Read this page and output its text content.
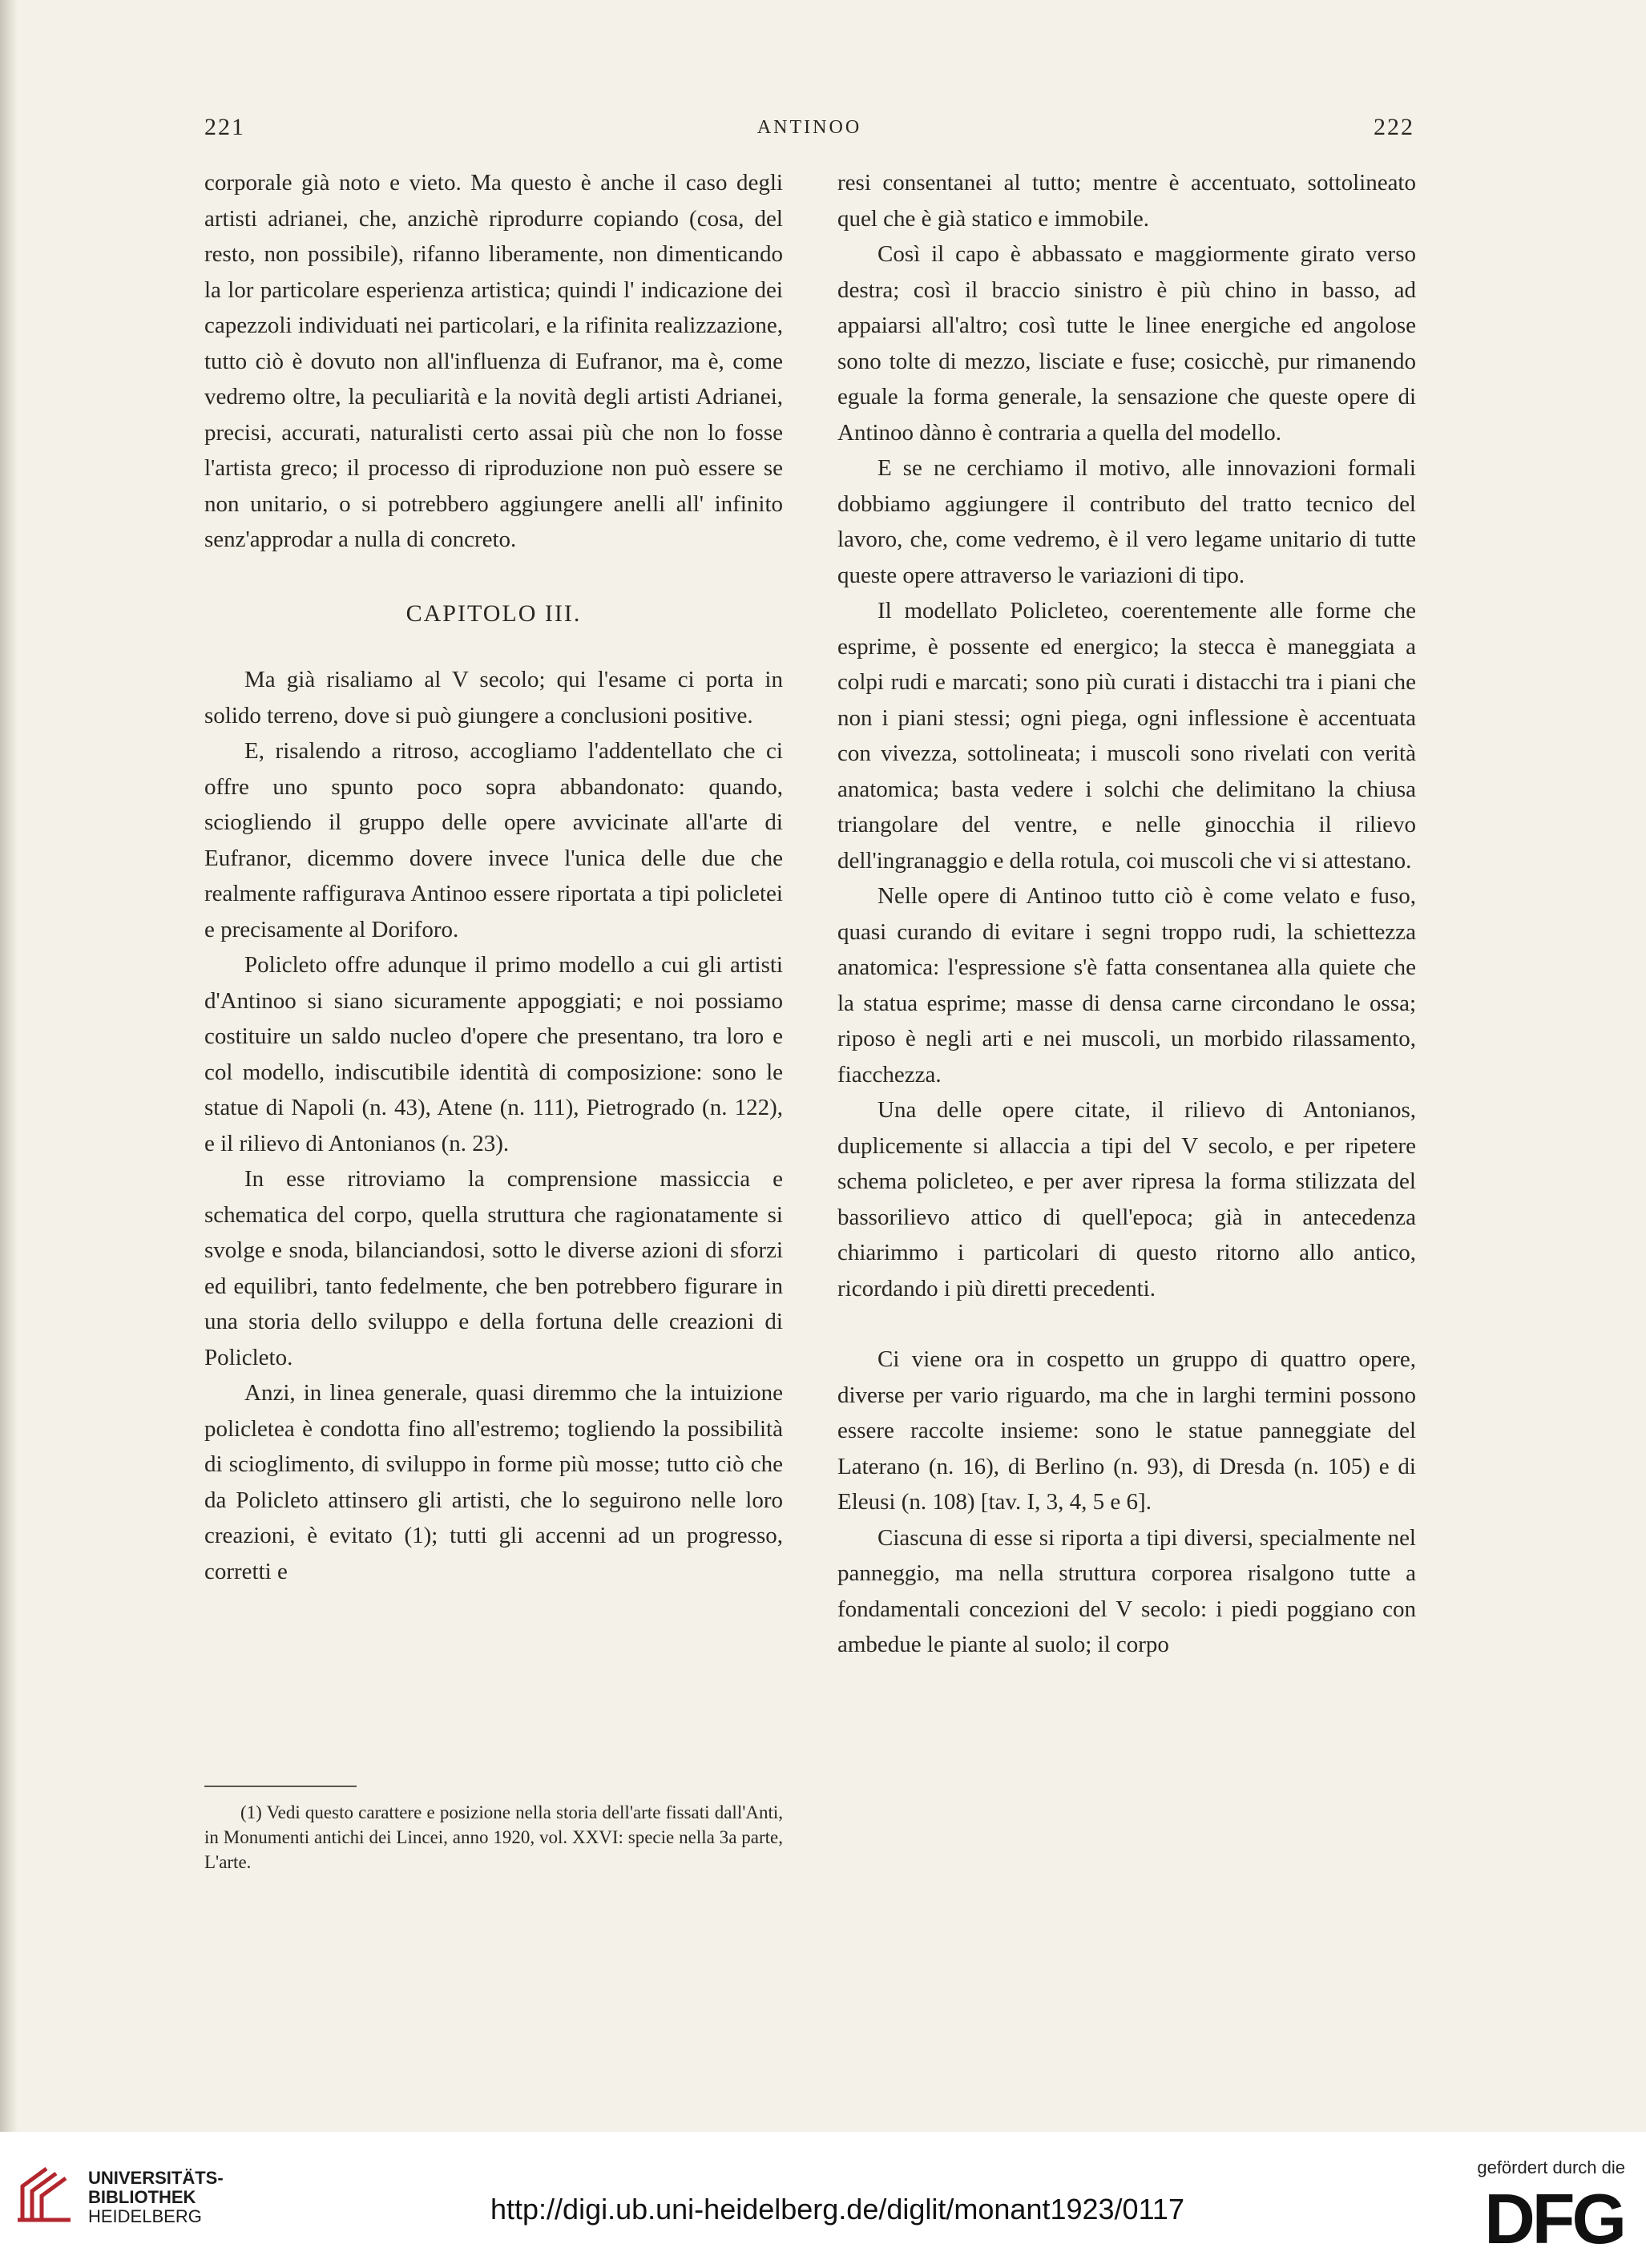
221	ANTINOO	222

corporale già noto e vieto. Ma questo è anche il caso degli artisti adrianei, che, anzichè riprodurre copiando (cosa, del resto, non possibile), rifanno liberamente, non dimenticando la lor particolare esperienza artistica; quindi l' indicazione dei capezzoli individuati nei particolari, e la rifinita realizzazione, tutto ciò è dovuto non all'influenza di Eufranor, ma è, come vedremo oltre, la peculiarità e la novità degli artisti Adrianei, precisi, accurati, naturalisti certo assai più che non lo fosse l'artista greco; il processo di riproduzione non può essere se non unitario, o si potrebbero aggiungere anelli all' infinito senz'approdar a nulla di concreto.

CAPITOLO III.

Ma già risaliamo al V secolo; qui l'esame ci porta in solido terreno, dove si può giungere a conclusioni positive.

E, risalendo a ritroso, accogliamo l'addentellato che ci offre uno spunto poco sopra abbandonato: quando, sciogliendo il gruppo delle opere avvicinate all'arte di Eufranor, dicemmo dovere invece l'unica delle due che realmente raffigurava Antinoo essere riportata a tipi policletei e precisamente al Doriforo.

Policleto offre adunque il primo modello a cui gli artisti d'Antinoo si siano sicuramente appoggiati; e noi possiamo costituire un saldo nucleo d'opere che presentano, tra loro e col modello, indiscutibile identità di composizione: sono le statue di Napoli (n. 43), Atene (n. 111), Pietrogrado (n. 122), e il rilievo di Antonianos (n. 23).

In esse ritroviamo la comprensione massiccia e schematica del corpo, quella struttura che ragionatamente si svolge e snoda, bilanciandosi, sotto le diverse azioni di sforzi ed equilibri, tanto fedelmente, che ben potrebbero figurare in una storia dello sviluppo e della fortuna delle creazioni di Policleto.

Anzi, in linea generale, quasi diremmo che la intuizione policletea è condotta fino all'estremo; togliendo la possibilità di scioglimento, di sviluppo in forme più mosse; tutto ciò che da Policleto attinsero gli artisti, che lo seguirono nelle loro creazioni, è evitato (1); tutti gli accenni ad un progresso, corretti e

(1) Vedi questo carattere e posizione nella storia dell'arte fissati dall'Anti, in Monumenti antichi dei Lincei, anno 1920, vol. XXVI: specie nella 3a parte, L'arte.

resi consentanei al tutto; mentre è accentuato, sottolineato quel che è già statico e immobile.

Così il capo è abbassato e maggiormente girato verso destra; così il braccio sinistro è più chino in basso, ad appaiarsi all'altro; così tutte le linee energiche ed angolose sono tolte di mezzo, lisciate e fuse; cosicchè, pur rimanendo eguale la forma generale, la sensazione che queste opere di Antinoo dànno è contraria a quella del modello.

E se ne cerchiamo il motivo, alle innovazioni formali dobbiamo aggiungere il contributo del tratto tecnico del lavoro, che, come vedremo, è il vero legame unitario di tutte queste opere attraverso le variazioni di tipo.

Il modellato Policleteo, coerentemente alle forme che esprime, è possente ed energico; la stecca è maneggiata a colpi rudi e marcati; sono più curati i distacchi tra i piani che non i piani stessi; ogni piega, ogni inflessione è accentuata con vivezza, sottolineata; i muscoli sono rivelati con verità anatomica; basta vedere i solchi che delimitano la chiusa triangolare del ventre, e nelle ginocchia il rilievo dell'ingranaggio e della rotula, coi muscoli che vi si attestano.

Nelle opere di Antinoo tutto ciò è come velato e fuso, quasi curando di evitare i segni troppo rudi, la schiettezza anatomica: l'espressione s'è fatta consentanea alla quiete che la statua esprime; masse di densa carne circondano le ossa; riposo è negli arti e nei muscoli, un morbido rilassamento, fiacchezza.

Una delle opere citate, il rilievo di Antonianos, duplicemente si allaccia a tipi del V secolo, e per ripetere schema policleteo, e per aver ripresa la forma stilizzata del bassorilievo attico di quell'epoca; già in antecedenza chiarimmo i particolari di questo ritorno allo antico, ricordando i più diretti precedenti.

Ci viene ora in cospetto un gruppo di quattro opere, diverse per vario riguardo, ma che in larghi termini possono essere raccolte insieme: sono le statue panneggiate del Laterano (n. 16), di Berlino (n. 93), di Dresda (n. 105) e di Eleusi (n. 108) [tav. I, 3, 4, 5 e 6].

Ciascuna di esse si riporta a tipi diversi, specialmente nel panneggio, ma nella struttura corporea risalgono tutte a fondamentali concezioni del V secolo: i piedi poggiano con ambedue le piante al suolo; il corpo

UNIVERSITÄTS-
BIBLIOTHEK
HEIDELBERG	http://digi.ub.uni-heidelberg.de/diglit/monant1923/0117
gefördert durch die
DFG
